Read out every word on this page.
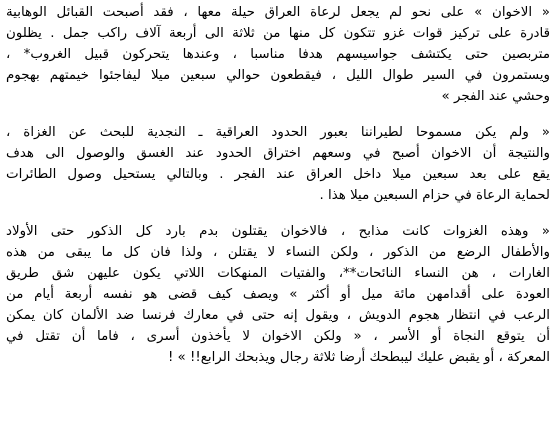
« الاخوان » على نحو لم يجعل لرعاة العراق حيلة معها ، فقد أصبحت القبائل الوهابية
قادرة على تركيز قوات غزو تتكون كل منها من ثلاثة الى أربعة آلاف راكب جمل . يظلون
متربصين حتى يكتشف جواسيسهم هدفا مناسبا ، وعندها يتحركون قبيل الغروب* ،
ويستمرون في السير طوال الليل ، فيقطعون حوالي سبعين ميلا ليفاجئوا خيمتهم بهجوم
وحشي عند الفجر »
« ولم يكن مسموحا لطيراننا بعبور الحدود العراقية ـ النجدية للبحث عن الغزاة ،
والنتيجة أن الاخوان أصبح في وسعهم اختراق الحدود عند الغسق والوصول الى هدف
يقع على بعد سبعين ميلا داخل العراق عند الفجر . وبالتالي يستحيل وصول الطائرات
لحماية الرعاة في حزام السبعين ميلا هذا .
« وهذه الغزوات كانت مذابح ، فالاخوان يقتلون بدم بارد كل الذكور حتى الأولاد
والأطفال الرضع من الذكور ، ولكن النساء لا يقتلن ، ولذا فان كل ما يبقى من هذه
الغارات ، هن النساء النائحات**، والفتيات المنهكات اللاتي يكون عليهن شق طريق
العودة على أقدامهن مائة ميل أو أكثر » ويصف كيف قضى هو نفسه أربعة أيام من
الرعب في انتظار هجوم الدويش ، ويقول إنه حتى في معارك فرنسا ضد الألمان كان يمكن
أن يتوقع النجاة أو الأسر ، « ولكن الاخوان لا يأخذون أسرى ، فاما أن تقتل في
المعركة ، أو يقبض عليك ليبطحك أرضا ثلاثة رجال ويذبحك الرابع!! » !
